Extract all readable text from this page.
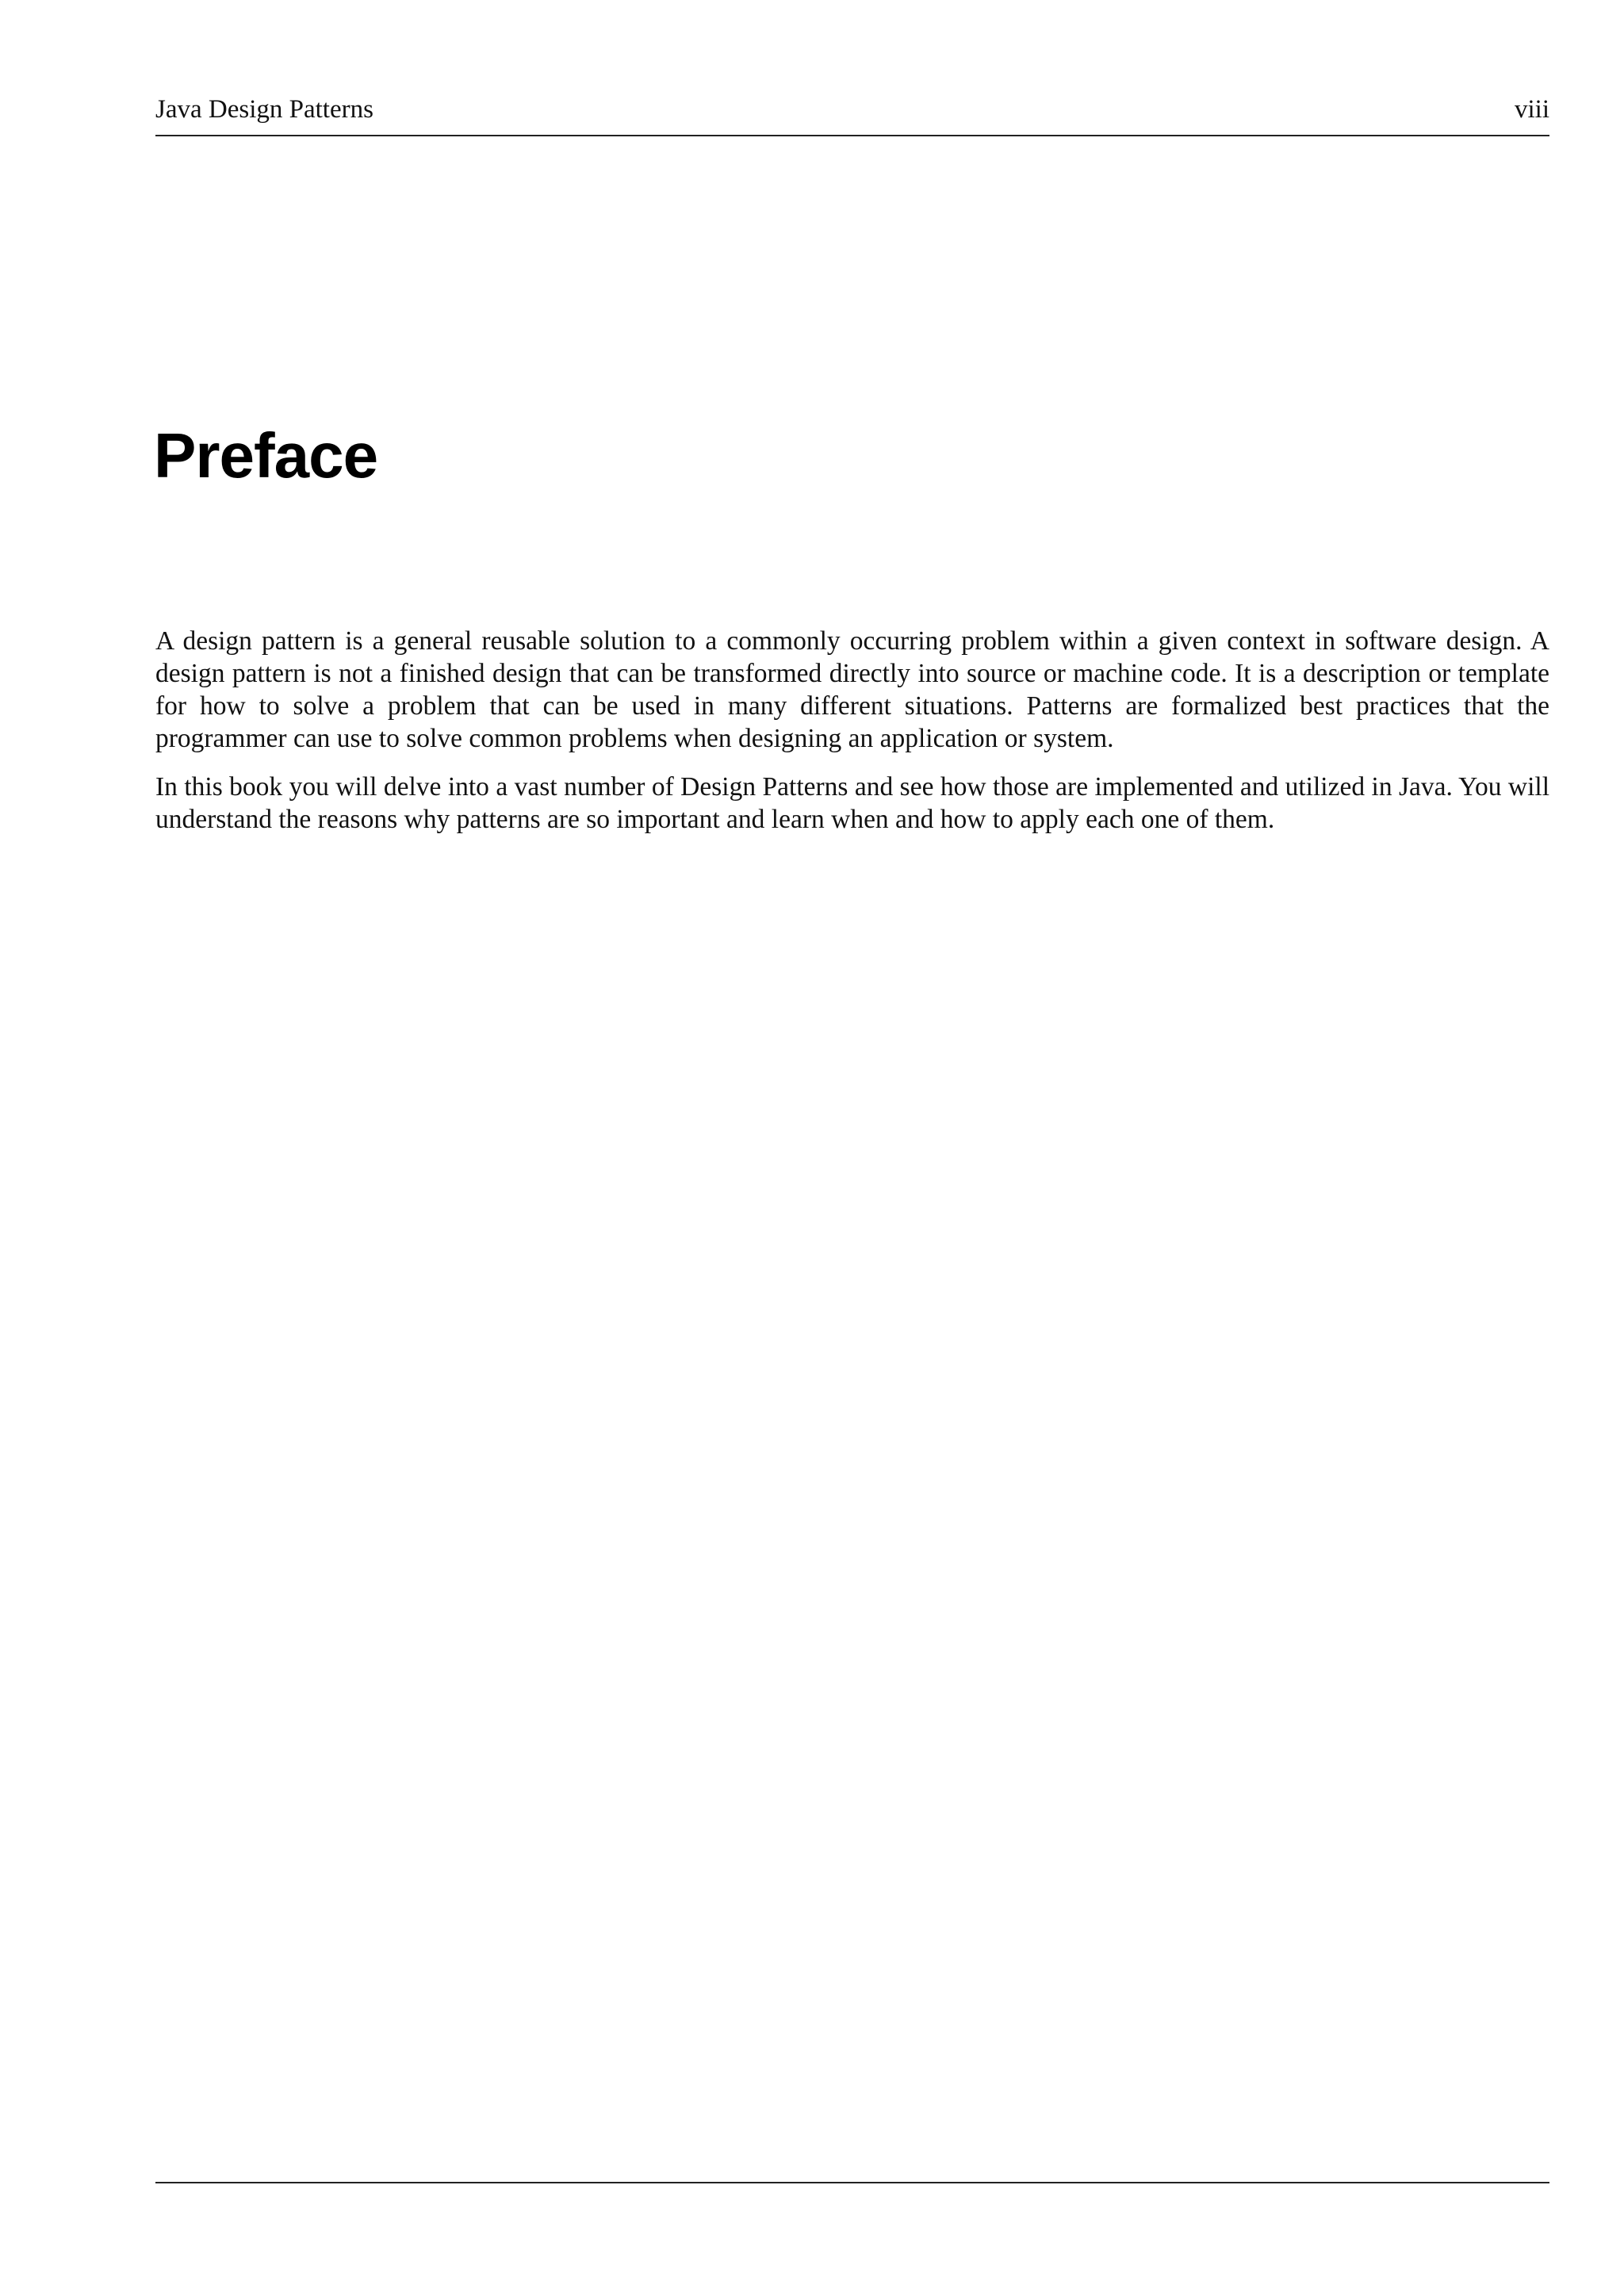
Java Design Patterns	viii
Preface

A design pattern is a general reusable solution to a commonly occurring problem within a given context in software design. A design pattern is not a finished design that can be transformed directly into source or machine code. It is a description or template for how to solve a problem that can be used in many different situations. Patterns are formalized best practices that the programmer can use to solve common problems when designing an application or system.

In this book you will delve into a vast number of Design Patterns and see how those are implemented and utilized in Java. You will understand the reasons why patterns are so important and learn when and how to apply each one of them.
